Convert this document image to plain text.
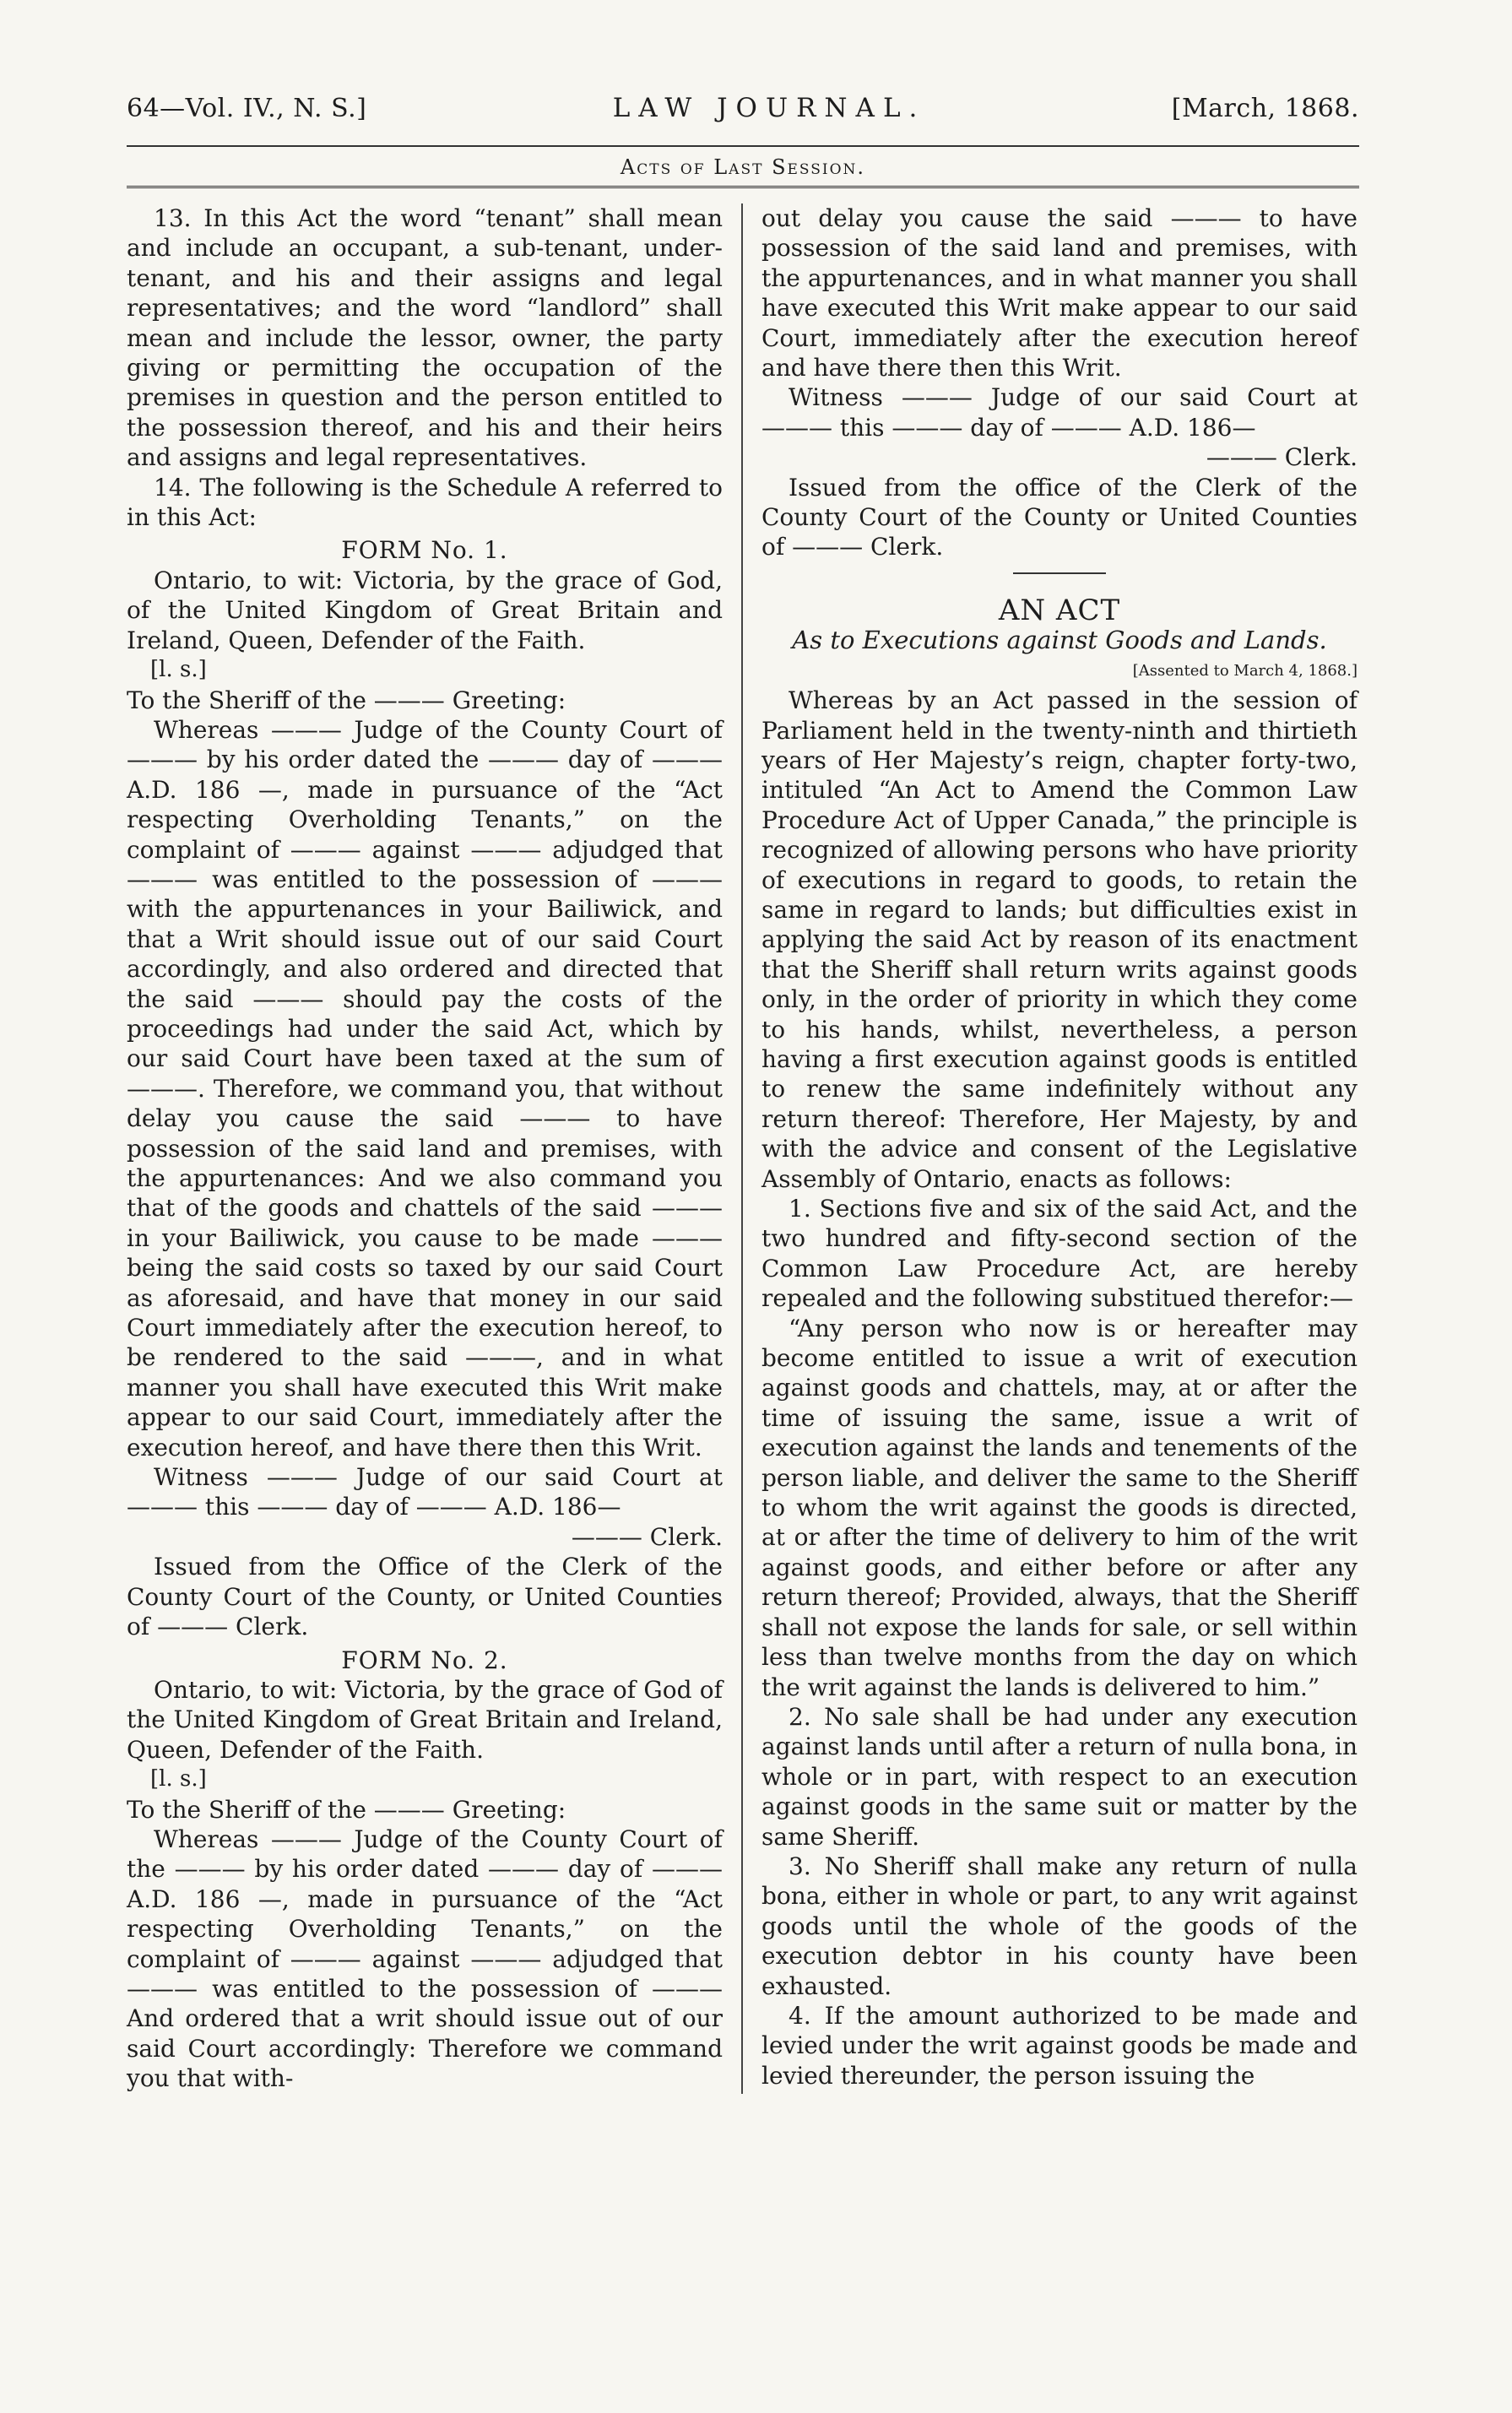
64—Vol. IV., N. S.]	LAW JOURNAL.	[March, 1868.
Acts of Last Session.

13. In this Act the word “tenant” shall mean and include an occupant, a sub-tenant, under-tenant, and his and their assigns and legal representatives; and the word “landlord” shall mean and include the lessor, owner, the party giving or permitting the occupation of the premises in question and the person entitled to the possession thereof, and his and their heirs and assigns and legal representatives.

14. The following is the Schedule A referred to in this Act:

FORM No. 1.

Ontario, to wit: Victoria, by the grace of God, of the United Kingdom of Great Britain and Ireland, Queen, Defender of the Faith.

[l. s.]

To the Sheriff of the ——— Greeting:

Whereas ——— Judge of the County Court of ——— by his order dated the ——— day of ——— A.D. 186 —, made in pursuance of the “Act respecting Overholding Tenants,” on the complaint of ——— against ——— adjudged that ——— was entitled to the possession of ——— with the appurtenances in your Bailiwick, and that a Writ should issue out of our said Court accordingly, and also ordered and directed that the said ——— should pay the costs of the proceedings had under the said Act, which by our said Court have been taxed at the sum of ———. Therefore, we command you, that without delay you cause the said ——— to have possession of the said land and premises, with the appurtenances: And we also command you that of the goods and chattels of the said ——— in your Bailiwick, you cause to be made ——— being the said costs so taxed by our said Court as aforesaid, and have that money in our said Court immediately after the execution hereof, to be rendered to the said ———, and in what manner you shall have executed this Writ make appear to our said Court, immediately after the execution hereof, and have there then this Writ.

Witness ——— Judge of our said Court at ——— this ——— day of ——— A.D. 186—

——— Clerk.

Issued from the Office of the Clerk of the County Court of the County, or United Counties of ——— Clerk.

FORM No. 2.

Ontario, to wit: Victoria, by the grace of God of the United Kingdom of Great Britain and Ireland, Queen, Defender of the Faith.

[l. s.]

To the Sheriff of the ——— Greeting:

Whereas ——— Judge of the County Court of the ——— by his order dated ——— day of ——— A.D. 186 —, made in pursuance of the “Act respecting Overholding Tenants,” on the complaint of ——— against ——— adjudged that ——— was entitled to the possession of ——— And ordered that a writ should issue out of our said Court accordingly: Therefore we command you that with-

out delay you cause the said ——— to have possession of the said land and premises, with the appurtenances, and in what manner you shall have executed this Writ make appear to our said Court, immediately after the execution hereof and have there then this Writ.

Witness ——— Judge of our said Court at ——— this ——— day of ——— A.D. 186—

——— Clerk.

Issued from the office of the Clerk of the County Court of the County or United Counties of ——— Clerk.

AN ACT
As to Executions against Goods and Lands.
[Assented to March 4, 1868.]

Whereas by an Act passed in the session of Parliament held in the twenty-ninth and thirtieth years of Her Majesty’s reign, chapter forty-two, intituled “An Act to Amend the Common Law Procedure Act of Upper Canada,” the principle is recognized of allowing persons who have priority of executions in regard to goods, to retain the same in regard to lands; but difficulties exist in applying the said Act by reason of its enactment that the Sheriff shall return writs against goods only, in the order of priority in which they come to his hands, whilst, nevertheless, a person having a first execution against goods is entitled to renew the same indefinitely without any return thereof: Therefore, Her Majesty, by and with the advice and consent of the Legislative Assembly of Ontario, enacts as follows:

1. Sections five and six of the said Act, and the two hundred and fifty-second section of the Common Law Procedure Act, are hereby repealed and the following substitued therefor:—

“Any person who now is or hereafter may become entitled to issue a writ of execution against goods and chattels, may, at or after the time of issuing the same, issue a writ of execution against the lands and tenements of the person liable, and deliver the same to the Sheriff to whom the writ against the goods is directed, at or after the time of delivery to him of the writ against goods, and either before or after any return thereof; Provided, always, that the Sheriff shall not expose the lands for sale, or sell within less than twelve months from the day on which the writ against the lands is delivered to him.”

2. No sale shall be had under any execution against lands until after a return of nulla bona, in whole or in part, with respect to an execution against goods in the same suit or matter by the same Sheriff.

3. No Sheriff shall make any return of nulla bona, either in whole or part, to any writ against goods until the whole of the goods of the execution debtor in his county have been exhausted.

4. If the amount authorized to be made and levied under the writ against goods be made and levied thereunder, the person issuing the
